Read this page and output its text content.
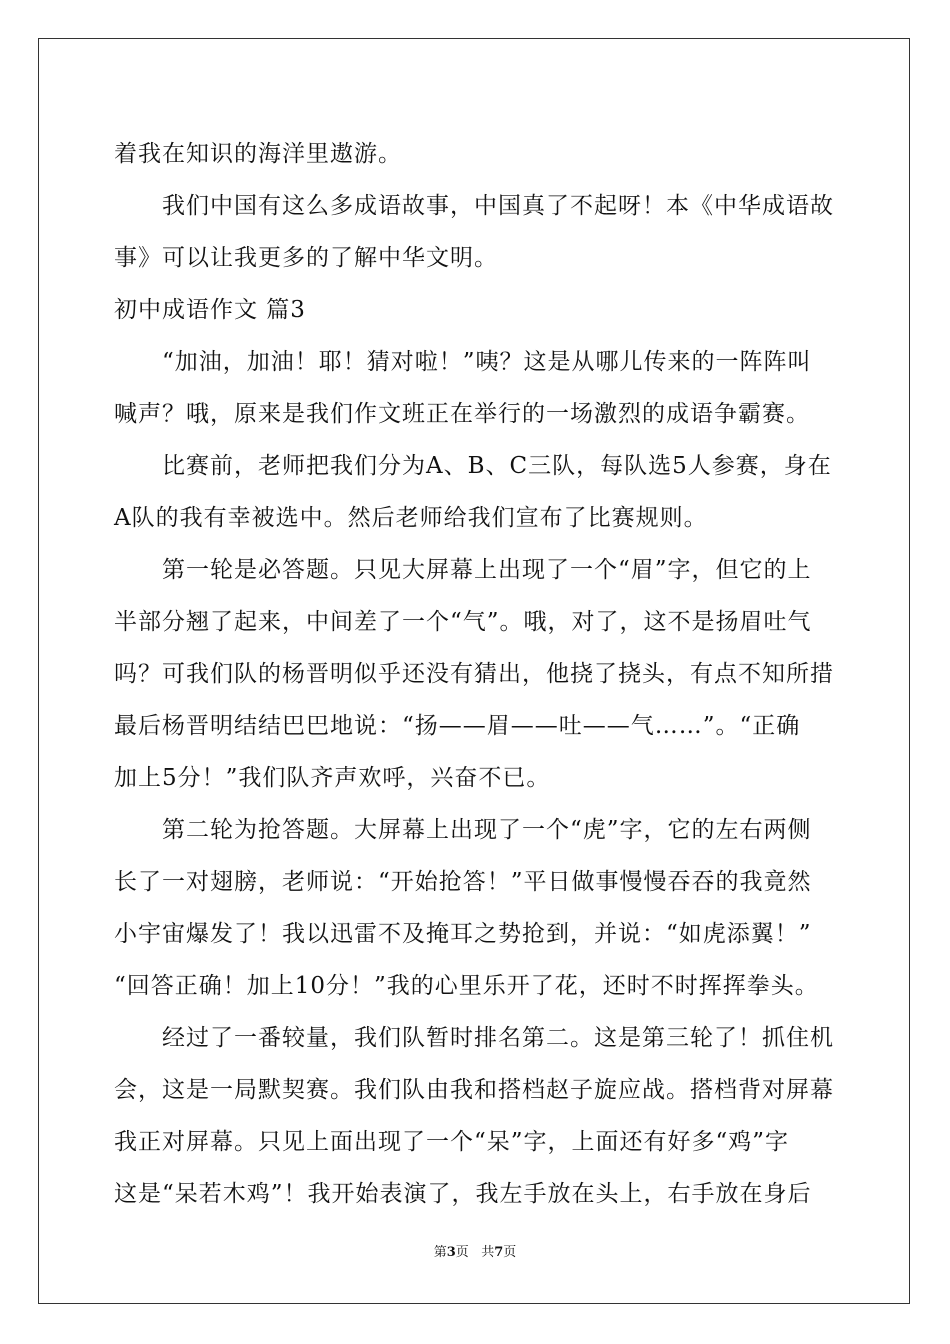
着我在知识的海洋里遨游。
我们中国有这么多成语故事，中国真了不起呀！本《中华成语故
事》可以让我更多的了解中华文明。
初中成语作文 篇3
“加油，加油！耶！猜对啦！”咦？这是从哪儿传来的一阵阵叫
喊声？哦，原来是我们作文班正在举行的一场激烈的成语争霸赛。
比赛前，老师把我们分为A、B、C三队，每队选5人参赛，身在
A队的我有幸被选中。然后老师给我们宣布了比赛规则。
第一轮是必答题。只见大屏幕上出现了一个“眉”字，但它的上
半部分翘了起来，中间差了一个“气”。哦，对了，这不是扬眉吐气
吗？可我们队的杨晋明似乎还没有猜出，他挠了挠头，有点不知所措
最后杨晋明结结巴巴地说：“扬——眉——吐——气……”。“正确
加上5分！”我们队齐声欢呼，兴奋不已。
第二轮为抢答题。大屏幕上出现了一个“虎”字，它的左右两侧
长了一对翅膀，老师说：“开始抢答！”平日做事慢慢吞吞的我竟然
小宇宙爆发了！我以迅雷不及掩耳之势抢到，并说：“如虎添翼！”
“回答正确！加上10分！”我的心里乐开了花，还时不时挥挥拳头。
经过了一番较量，我们队暂时排名第二。这是第三轮了！抓住机
会，这是一局默契赛。我们队由我和搭档赵子旋应战。搭档背对屏幕
我正对屏幕。只见上面出现了一个“呆”字，上面还有好多“鸡”字
这是“呆若木鸡”！我开始表演了，我左手放在头上，右手放在身后
第3页 共7页
